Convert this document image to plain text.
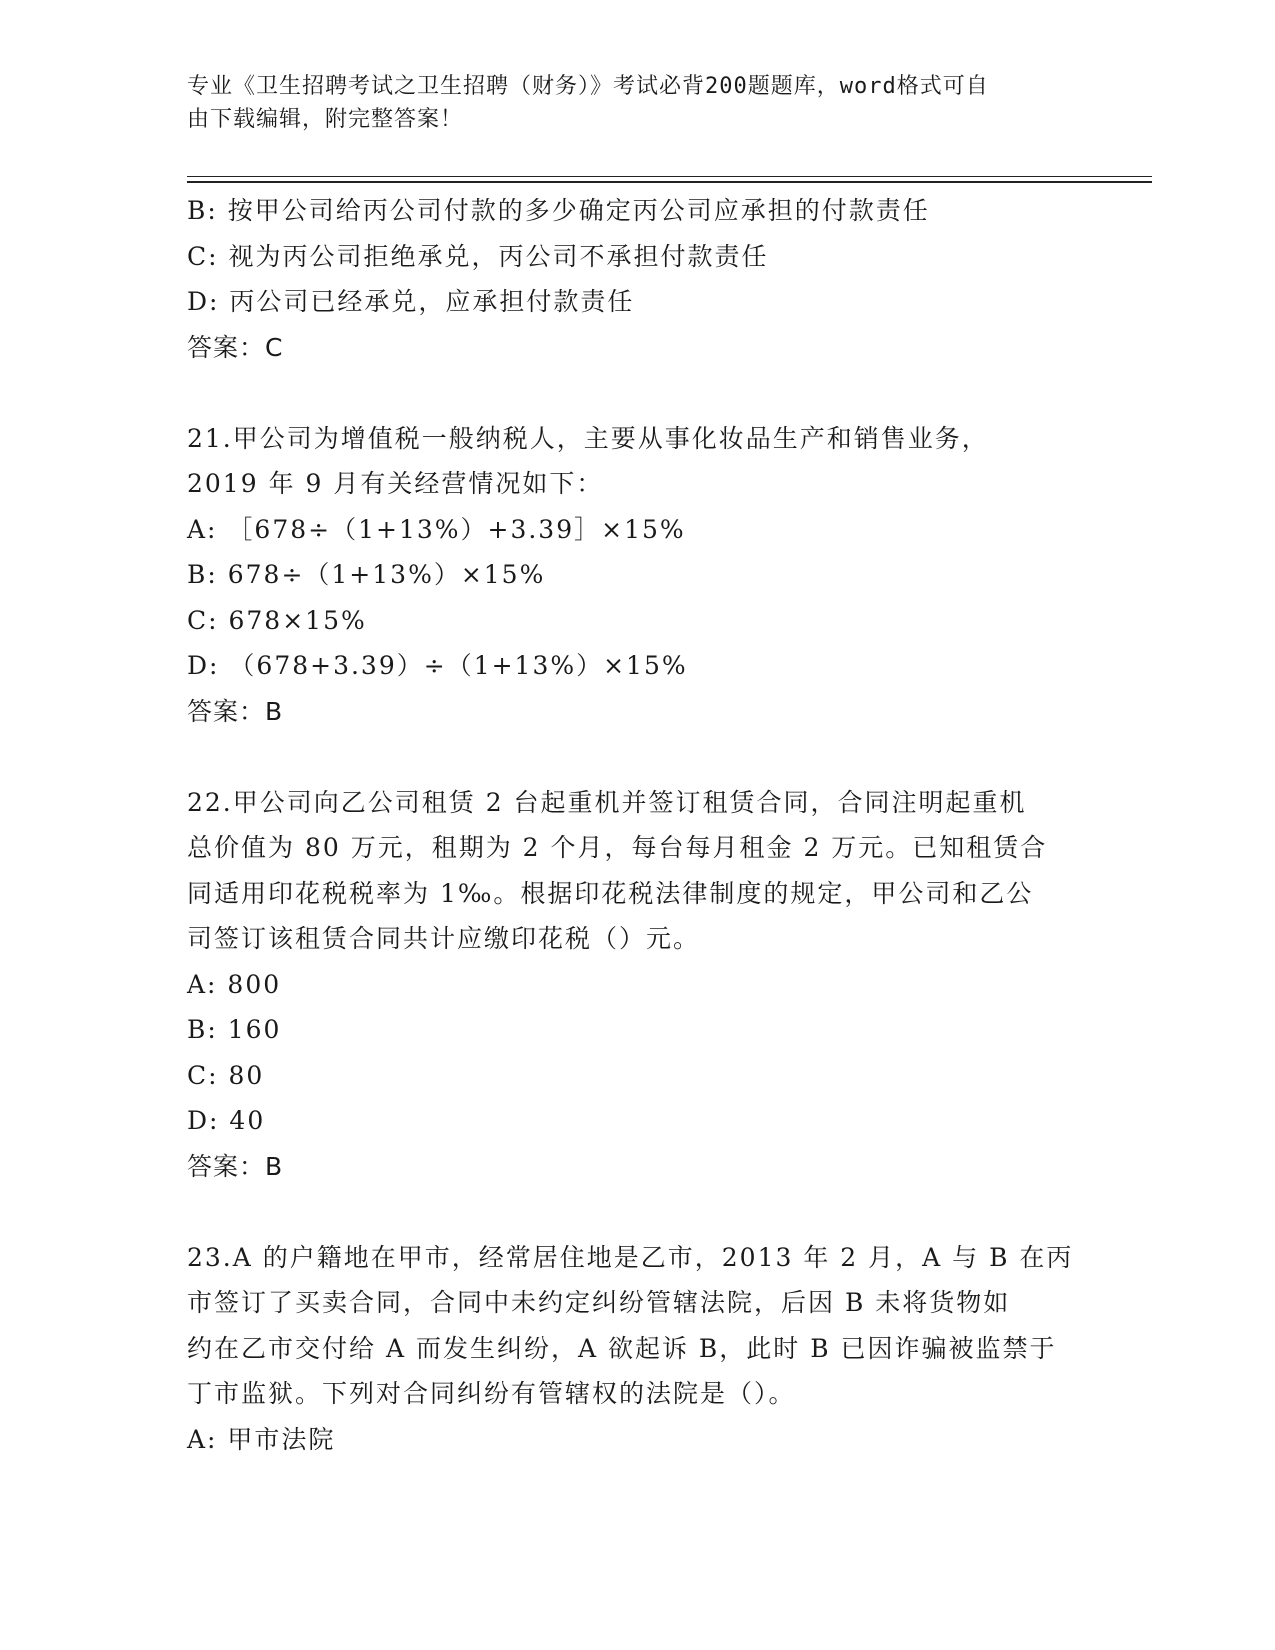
专业《卫生招聘考试之卫生招聘（财务）》考试必背200题题库，word格式可自
由下载编辑，附完整答案！
B: 按甲公司给丙公司付款的多少确定丙公司应承担的付款责任
C: 视为丙公司拒绝承兑，丙公司不承担付款责任
D: 丙公司已经承兑，应承担付款责任
答案：C
21.甲公司为增值税一般纳税人，主要从事化妆品生产和销售业务，
2019 年 9 月有关经营情况如下：
A: ［678÷（1+13%）+3.39］×15%
B: 678÷（1+13%）×15%
C: 678×15%
D: （678+3.39）÷（1+13%）×15%
答案：B
22.甲公司向乙公司租赁 2 台起重机并签订租赁合同，合同注明起重机
总价值为 80 万元，租期为 2 个月，每台每月租金 2 万元。已知租赁合
同适用印花税税率为 1‰。根据印花税法律制度的规定，甲公司和乙公
司签订该租赁合同共计应缴印花税（）元。
A: 800
B: 160
C: 80
D: 40
答案：B
23.A 的户籍地在甲市，经常居住地是乙市，2013 年 2 月，A 与 B 在丙
市签订了买卖合同，合同中未约定纠纷管辖法院，后因 B 未将货物如
约在乙市交付给 A 而发生纠纷，A 欲起诉 B，此时 B 已因诈骗被监禁于
丁市监狱。下列对合同纠纷有管辖权的法院是（）。
A: 甲市法院
